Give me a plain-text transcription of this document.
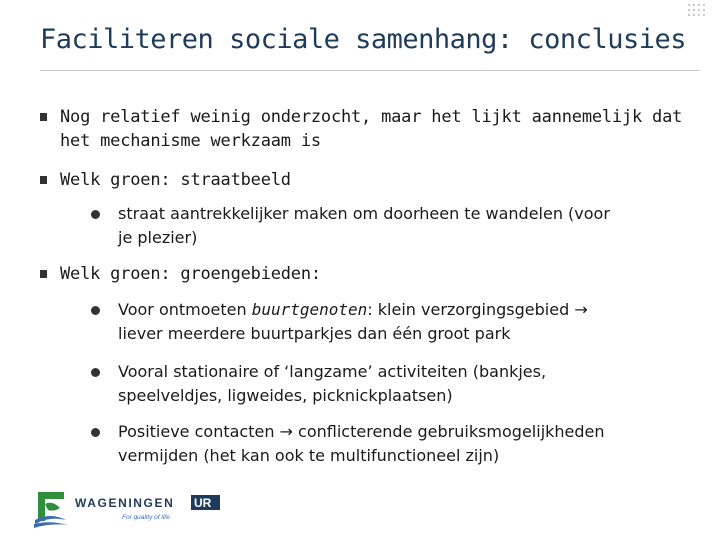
Faciliteren sociale samenhang: conclusies
Nog relatief weinig onderzocht, maar het lijkt aannemelijk dat
het mechanisme werkzaam is
Welk groen: straatbeeld
straat aantrekkelijker maken om doorheen te wandelen (voor
je plezier)
Welk groen: groengebieden:
Voor ontmoeten buurtgenoten: klein verzorgingsgebied →
liever meerdere buurtparkjes dan één groot park
Vooral stationaire of ‘langzame’ activiteiten (bankjes,
speelveldjes, ligweides, picknickplaatsen)
Positieve contacten → conflicterende gebruiksmogelijkheden
vermijden (het kan ook te multifunctioneel zijn)
WAGENINGEN UR
For quality of life
